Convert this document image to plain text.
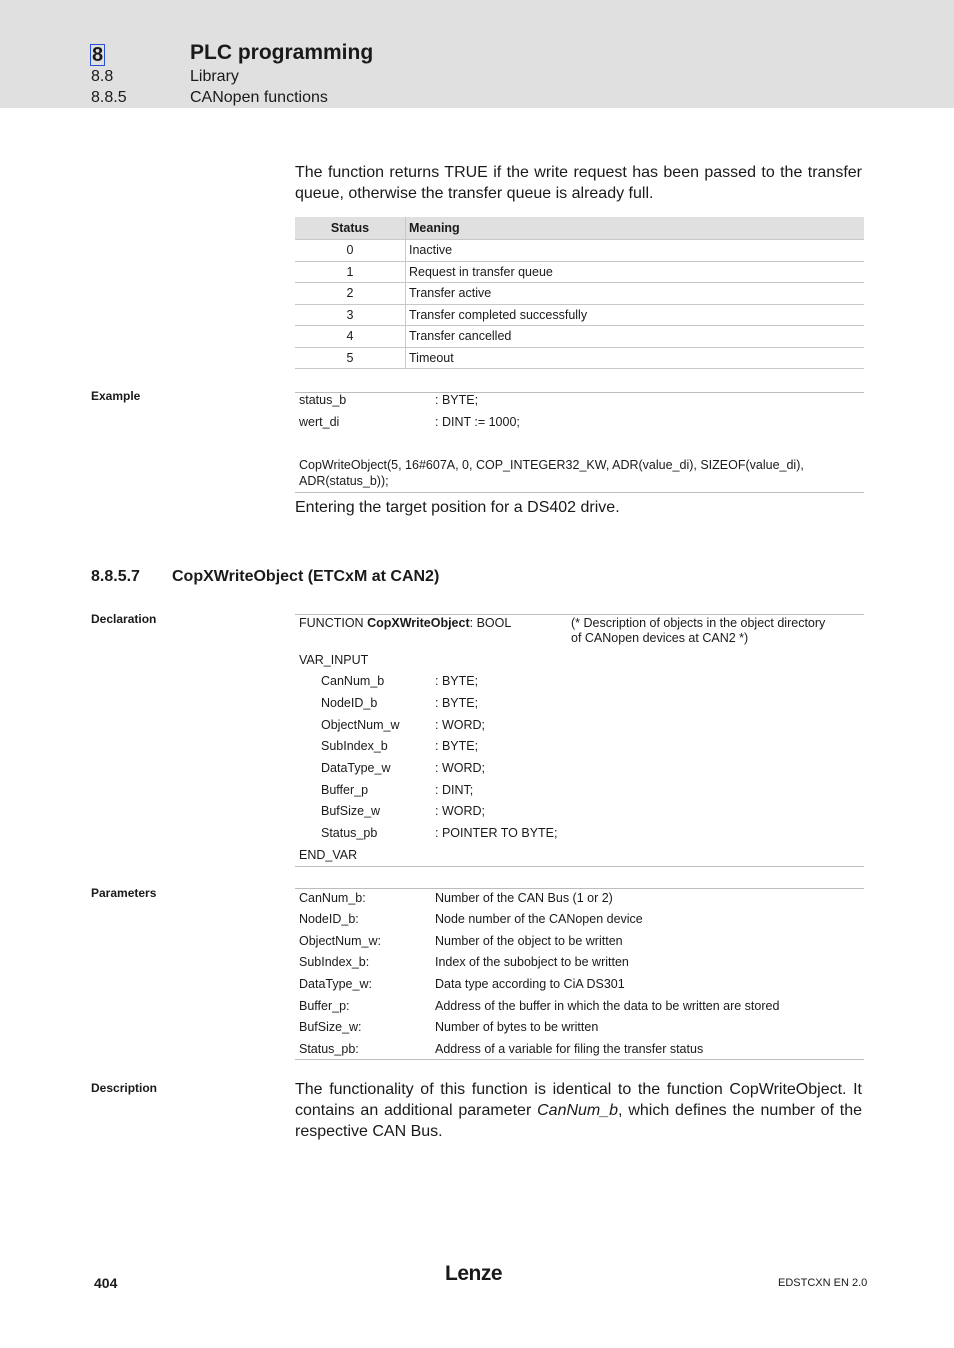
8	PLC programming
8.8	Library
8.8.5	CANopen functions
The function returns TRUE if the write request has been passed to the transfer queue, otherwise the transfer queue is already full.
Status	Meaning
0	Inactive
1	Request in transfer queue
2	Transfer active
3	Transfer completed successfully
4	Transfer cancelled
5	Timeout
Example	status_b	: BYTE;
wert_di	: DINT := 1000;
CopWriteObject(5, 16#607A, 0, COP_INTEGER32_KW, ADR(value_di), SIZEOF(value_di),
ADR(status_b));
Entering the target position for a DS402 drive.
8.8.5.7 CopXWriteObject (ETCxM at CAN2)
Declaration	FUNCTION CopXWriteObject: BOOL	(* Description of objects in the object directory
of CANopen devices at CAN2 *)
VAR_INPUT
CanNum_b	: BYTE;
NodeID_b	: BYTE;
ObjectNum_w	: WORD;
SubIndex_b	: BYTE;
DataType_w	: WORD;
Buffer_p	: DINT;
BufSize_w	: WORD;
Status_pb	: POINTER TO BYTE;
END_VAR
Parameters	CanNum_b:	Number of the CAN Bus (1 or 2)
NodeID_b:	Node number of the CANopen device
ObjectNum_w:	Number of the object to be written
SubIndex_b:	Index of the subobject to be written
DataType_w:	Data type according to CiA DS301
Buffer_p:	Address of the buffer in which the data to be written are stored
BufSize_w:	Number of bytes to be written
Status_pb:	Address of a variable for filing the transfer status
Description	The functionality of this function is identical to the function CopWriteObject. It contains an additional parameter CanNum_b, which defines the number of the respective CAN Bus.
404	Lenze	EDSTCXN EN 2.0
